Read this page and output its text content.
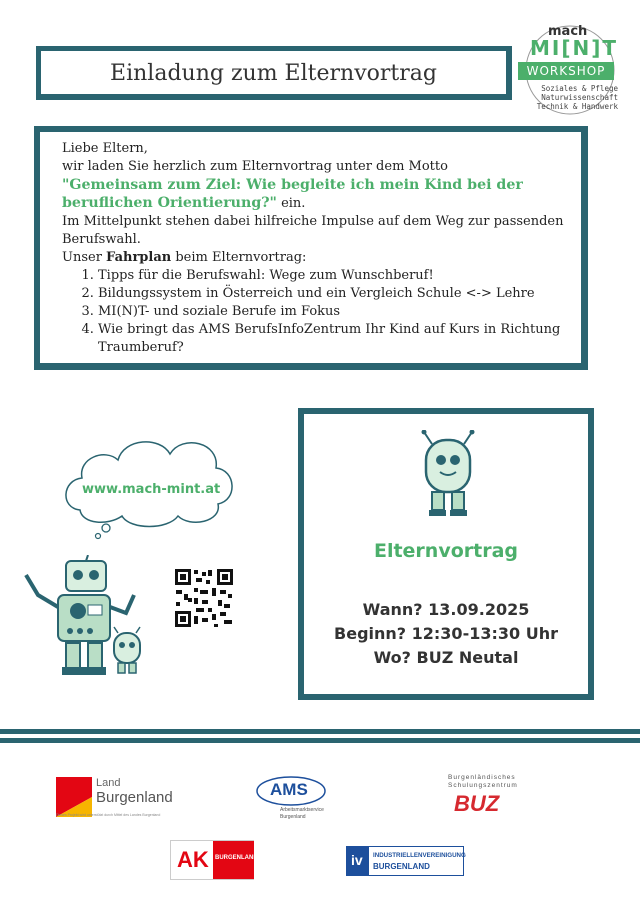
Einladung zum Elternvortrag
mach
MI[N]T
WORKSHOP
Soziales & Pflege
Naturwissenschaft
Technik & Handwerk
Liebe Eltern,
wir laden Sie herzlich zum Elternvortrag unter dem Motto
"Gemeinsam zum Ziel: Wie begleite ich mein Kind bei der
beruflichen Orientierung?" ein.
Im Mittelpunkt stehen dabei hilfreiche Impulse auf dem Weg zur passenden Berufswahl.
Unser Fahrplan beim Elternvortrag:
1. Tipps für die Berufswahl: Wege zum Wunschberuf!
2. Bildungssystem in Österreich und ein Vergleich Schule <-> Lehre
3. MI(N)T- und soziale Berufe im Fokus
4. Wie bringt das AMS BerufsInfoZentrum Ihr Kind auf Kurs in Richtung Traumberuf?
www.mach-mint.at
Elternvortrag
Wann? 13.09.2025
Beginn? 12:30-13:30 Uhr
Wo? BUZ Neutal
Land
Burgenland
Dieses Projekt wird unterstützt durch Mittel des Landes Burgenland
AMS
Arbeitsmarktservice
Burgenland
Burgenländisches
Schulungszentrum
BUZ
AK BURGENLAND	iv INDUSTRIELLENVEREINIGUNG
BURGENLAND
